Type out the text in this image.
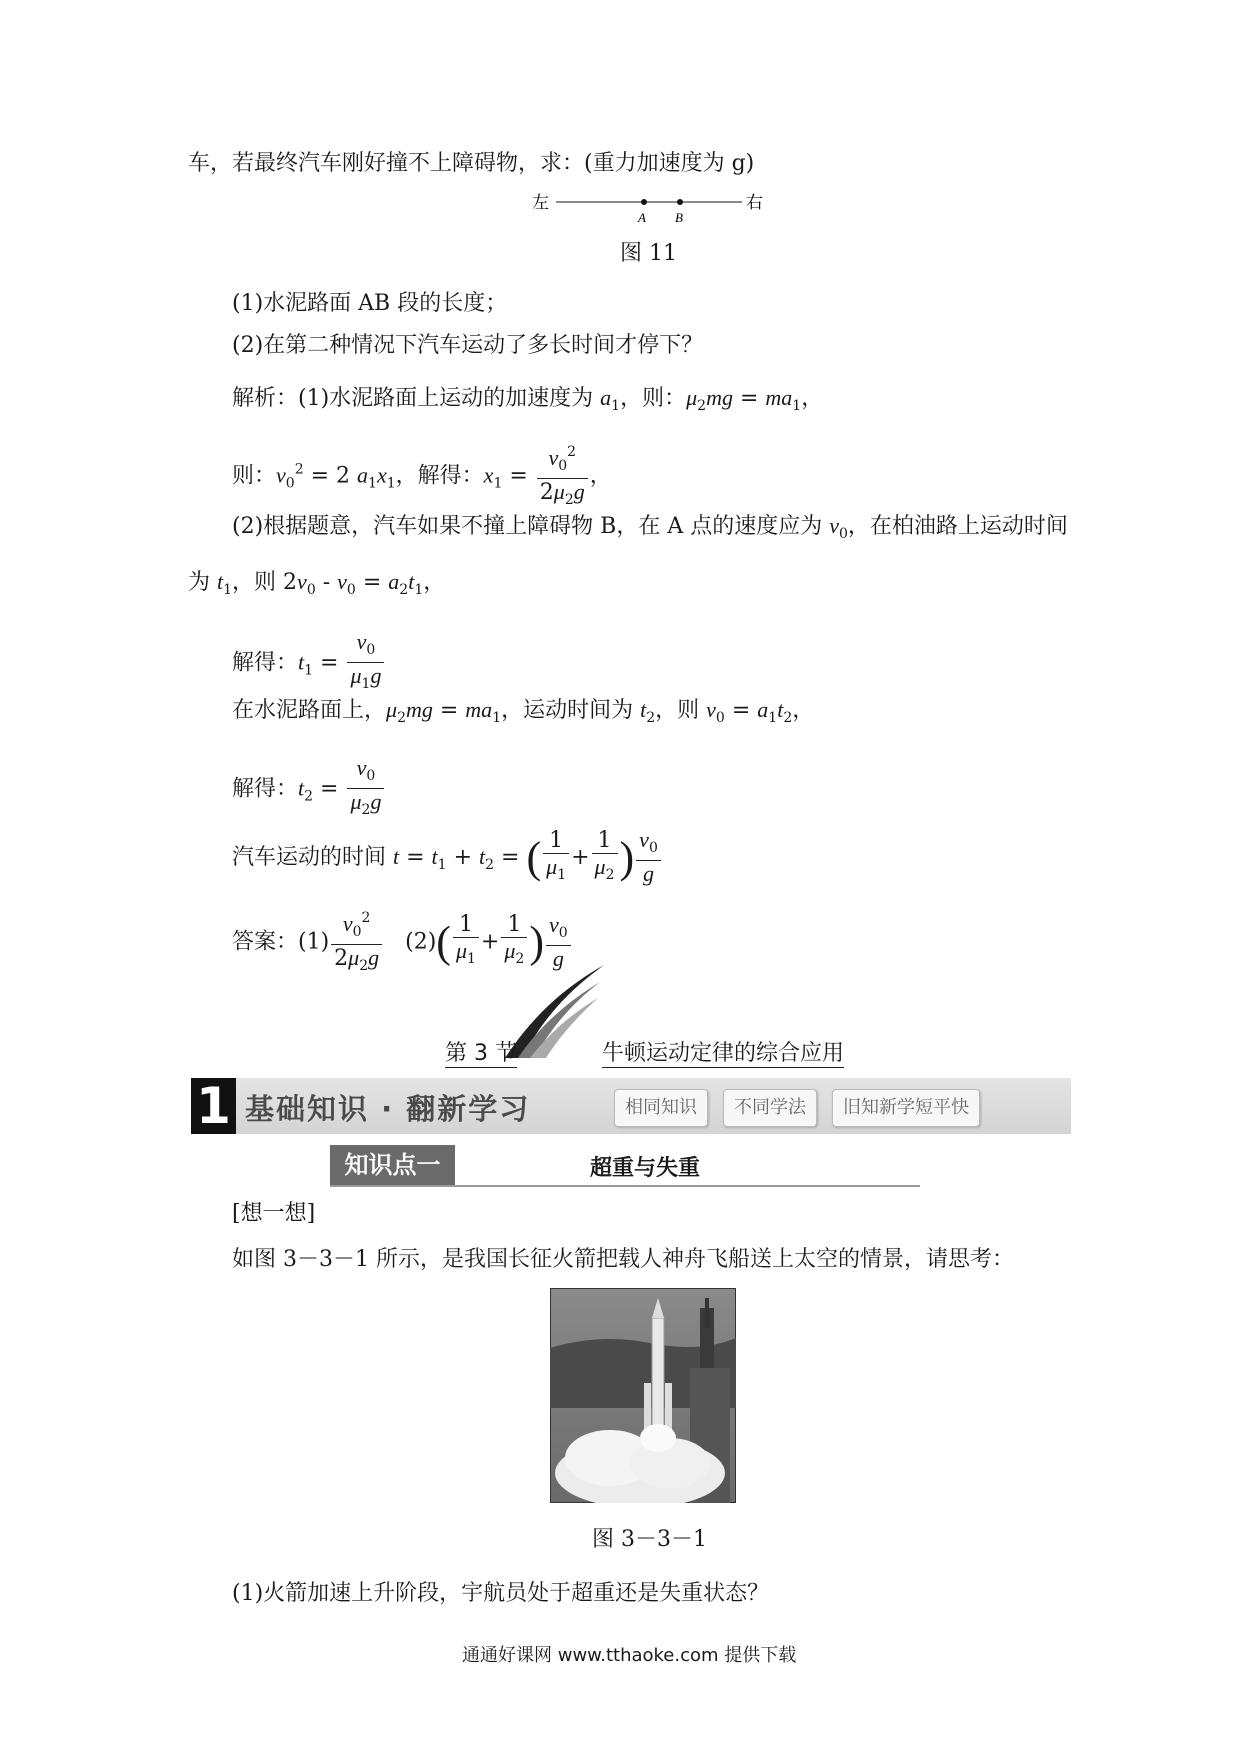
车，若最终汽车刚好撞不上障碍物，求：(重力加速度为 g)
左
A B
右
图 11
(1)水泥路面 AB 段的长度；
(2)在第二种情况下汽车运动了多长时间才停下？
解析：(1)水泥路面上运动的加速度为 $a_1$，则：$\mu_2mg = ma_1$，
则：$v_0^2 = 2$ $a_1x_1$，解得：$x_1 = \frac{v_0^2}{2\mu_2g}$ ，
(2)根据题意，汽车如果不撞上障碍物 B，在 A 点的速度应为 $v_0$，在柏油路上运动时间
为 $t_1$，则 $2v_0 - v_0 = a_2t_1$，
解得：$t_1 = \frac{v_0}{\mu_1g}$
在水泥路面上，$\mu_2mg = ma_1$，运动时间为 $t_2$，则 $v_0 = a_1t_2$，
解得：$t_2 = \frac{v_0}{\mu_2g}$
汽车运动的时间 $t = t_1 + t_2$ = ( $\frac{1}{\mu_1} + \frac{1}{\mu_2}$ ) $\frac{v_0}{g}$
答案：$(1) \frac{v_0^2}{2\mu_2g} (2)( \frac{1}{\mu_1} + \frac{1}{\mu_2}$ ) $\frac{v_0}{g}$
第 3 节	牛顿运动定律的综合应用
1 基础知识 · 翻新学习	相同知识	不同学法	旧知新学短平快
知识点一	超重与失重
[想一想]
如图 3－3－1 所示，是我国长征火箭把载人神舟飞船送上太空的情景，请思考：
图 3－3－1
(1)火箭加速上升阶段，宇航员处于超重还是失重状态？
通通好课网 www.tthaoke.com 提供下载
